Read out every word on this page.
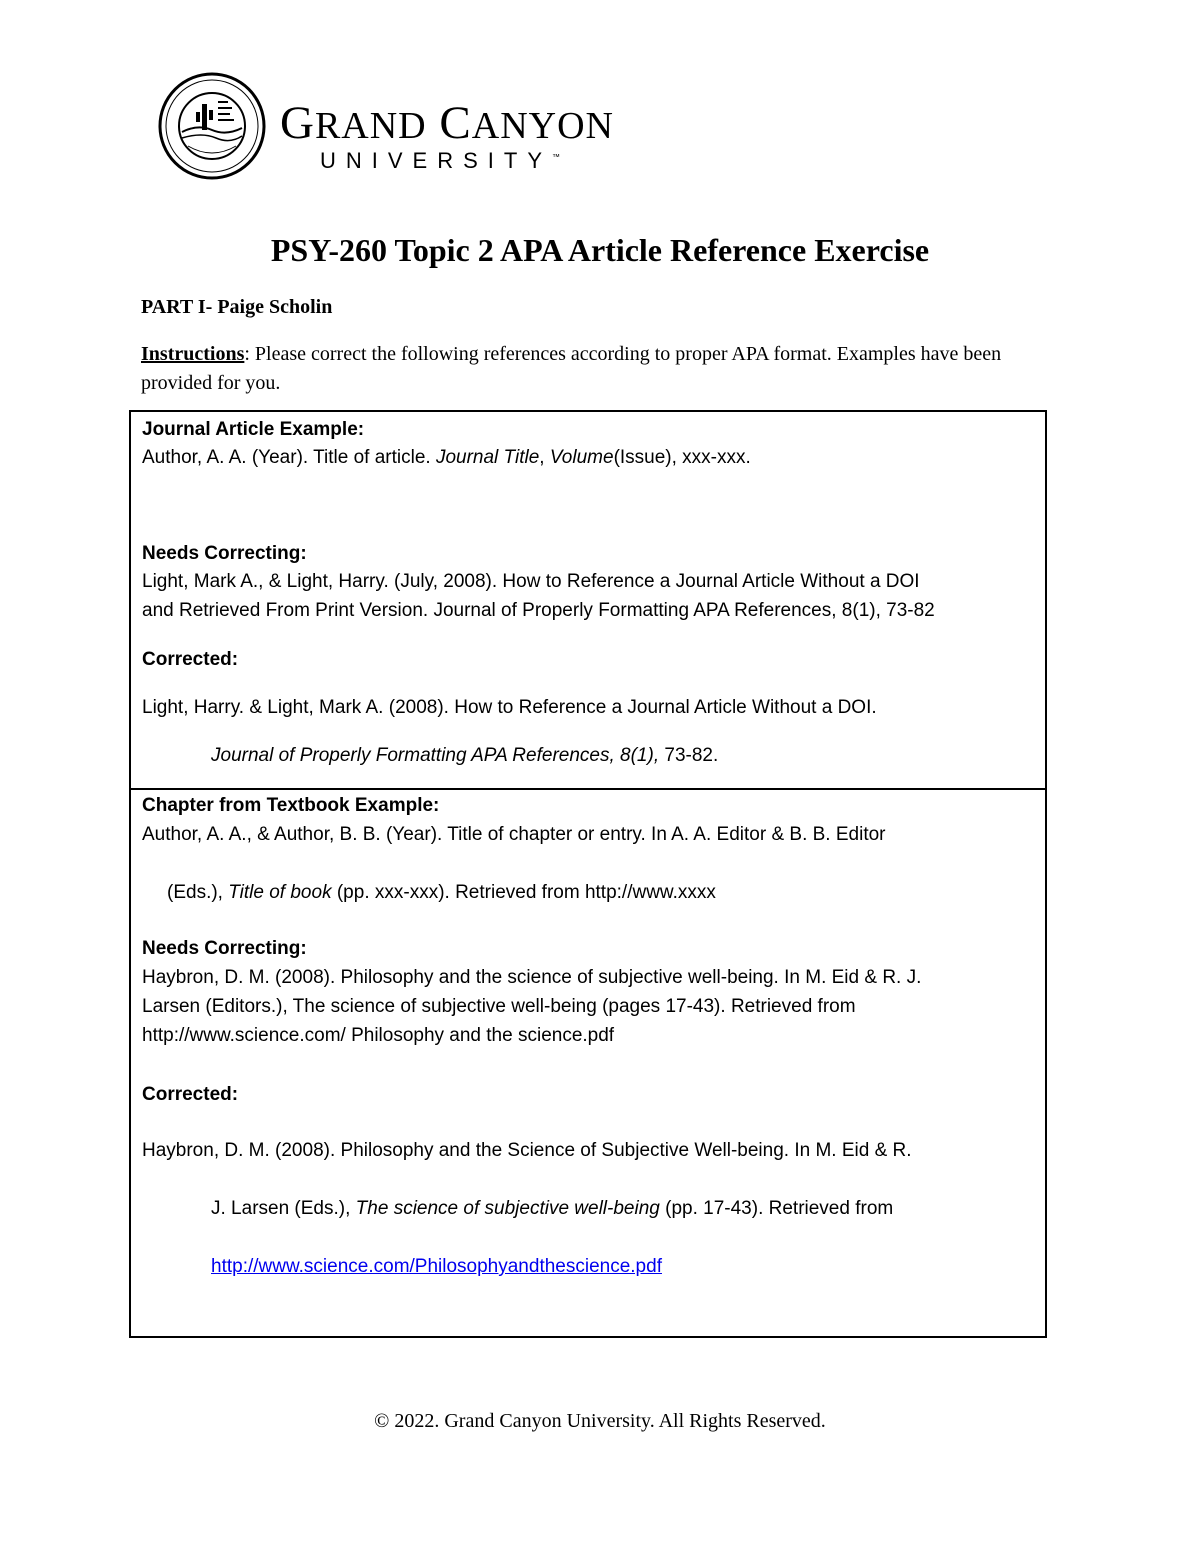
GRAND CANYON
UNIVERSITY™
PSY-260 Topic 2 APA Article Reference Exercise
PART I- Paige Scholin
Instructions: Please correct the following references according to proper APA format. Examples have been provided for you.
Journal Article Example:
Author, A. A. (Year). Title of article. Journal Title, Volume(Issue), xxx-xxx.
Needs Correcting:
Light, Mark A., & Light, Harry. (July, 2008). How to Reference a Journal Article Without a DOI
and Retrieved From Print Version. Journal of Properly Formatting APA References, 8(1), 73-82
Corrected:
Light, Harry. & Light, Mark A. (2008). How to Reference a Journal Article Without a DOI.
Journal of Properly Formatting APA References, 8(1), 73-82.
Chapter from Textbook Example:
Author, A. A., & Author, B. B. (Year). Title of chapter or entry. In A. A. Editor & B. B. Editor
(Eds.), Title of book (pp. xxx-xxx). Retrieved from http://www.xxxx
Needs Correcting:
Haybron, D. M. (2008). Philosophy and the science of subjective well-being. In M. Eid & R. J.
Larsen (Editors.), The science of subjective well-being (pages 17-43). Retrieved from
http://www.science.com/ Philosophy and the science.pdf
Corrected:
Haybron, D. M. (2008). Philosophy and the Science of Subjective Well-being. In M. Eid & R.
J. Larsen (Eds.), The science of subjective well-being (pp. 17-43). Retrieved from
http://www.science.com/Philosophyandthescience.pdf
© 2022. Grand Canyon University. All Rights Reserved.
